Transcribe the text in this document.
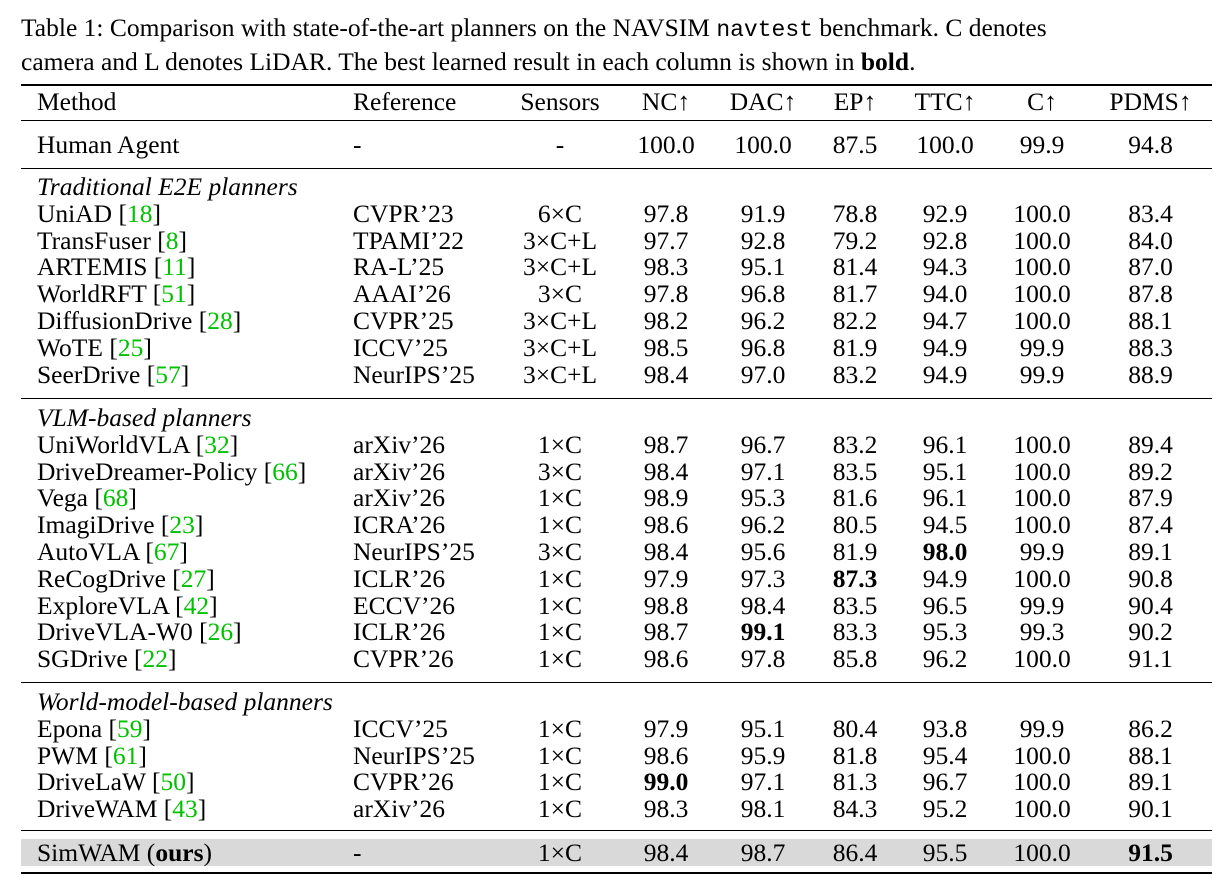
Table 1: Comparison with state-of-the-art planners on the NAVSIM navtest benchmark. C denotes
camera and L denotes LiDAR. The best learned result in each column is shown in bold.
Method	Reference	Sensors	NC↑	DAC↑	EP↑	TTC↑	C↑	PDMS↑
Human Agent	-	-	100.0	100.0	87.5	100.0	99.9	94.8
Traditional E2E planners
UniAD [18]	CVPR’23	6×C	97.8	91.9	78.8	92.9	100.0	83.4
TransFuser [8]	TPAMI’22	3×C+L	97.7	92.8	79.2	92.8	100.0	84.0
ARTEMIS [11]	RA-L’25	3×C+L	98.3	95.1	81.4	94.3	100.0	87.0
WorldRFT [51]	AAAI’26	3×C	97.8	96.8	81.7	94.0	100.0	87.8
DiffusionDrive [28]	CVPR’25	3×C+L	98.2	96.2	82.2	94.7	100.0	88.1
WoTE [25]	ICCV’25	3×C+L	98.5	96.8	81.9	94.9	99.9	88.3
SeerDrive [57]	NeurIPS’25	3×C+L	98.4	97.0	83.2	94.9	99.9	88.9
VLM-based planners
UniWorldVLA [32]	arXiv’26	1×C	98.7	96.7	83.2	96.1	100.0	89.4
DriveDreamer-Policy [66] arXiv’26	3×C	98.4	97.1	83.5	95.1	100.0	89.2
Vega [68]	arXiv’26	1×C	98.9	95.3	81.6	96.1	100.0	87.9
ImagiDrive [23]	ICRA’26	1×C	98.6	96.2	80.5	94.5	100.0	87.4
AutoVLA [67]	NeurIPS’25	3×C	98.4	95.6	81.9	98.0	99.9	89.1
ReCogDrive [27]	ICLR’26	1×C	97.9	97.3	87.3	94.9	100.0	90.8
ExploreVLA [42]	ECCV’26	1×C	98.8	98.4	83.5	96.5	99.9	90.4
DriveVLA-W0 [26]	ICLR’26	1×C	98.7	99.1	83.3	95.3	99.3	90.2
SGDrive [22]	CVPR’26	1×C	98.6	97.8	85.8	96.2	100.0	91.1
World-model-based planners
Epona [59]	ICCV’25	1×C	97.9	95.1	80.4	93.8	99.9	86.2
PWM [61]	NeurIPS’25	1×C	98.6	95.9	81.8	95.4	100.0	88.1
DriveLaW [50]	CVPR’26	1×C	99.0	97.1	81.3	96.7	100.0	89.1
DriveWAM [43]	arXiv’26	1×C	98.3	98.1	84.3	95.2	100.0	90.1
SimWAM (ours)	-	1×C	98.4	98.7	86.4	95.5	100.0	91.5
